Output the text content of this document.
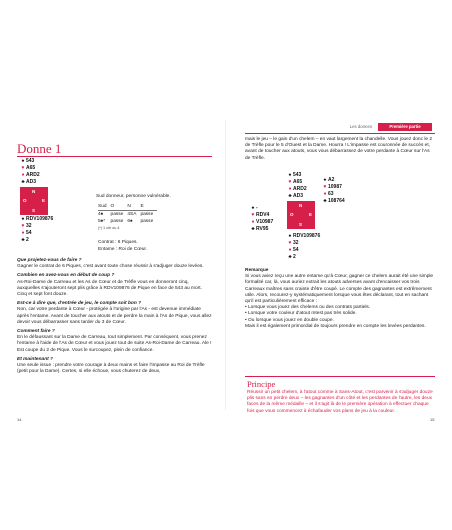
Les donnes	Première partie
Donne 1
♠ 543
♥ A65
♦ ARD2
♣AD3
N
O	E
S
♠ RDV109876
♥ 32
♦ 54
♣2
Sud donneur, personne vulnérable.
Sud	O	N	E
4♠	passe	4SA	passe
5♠*	passe	6♠	passe
(*) 1 clé ou 4
Contrat : 6 Piques.
Entame : Roi de Cœur.
Que projetez-vous de faire ?
Gagner le contrat de 6 Piques, c'est avant toute chose réussir à s'adjuger douze levées.
Combien en avez-vous en début de coup ?
As-Roi-Dame de Carreau et les As de Cœur et de Trèfle vous en donneront cinq, auxquelles s'ajouteront sept plis grâce à RDV109876 de Pique en face de 543 au mort. Cinq et sept font douze.
Est-ce à dire que, d'entrée de jeu, le compte soit bon ?
Non, car votre perdante à Cœur - protégée à l'origine par l'As - est devenue immédiate après l'entame. Avant de toucher aux atouts et de perdre la main à l'As de Pique, vous allez devoir vous débarrasser sans tarder du 3 de Cœur.
Comment faire ?
En le défaussant sur la Dame de Carreau, tout simplement. Par conséquent, vous prenez l'entame à l'aide de l'As de Cœur et vous jouez tout de suite As-Roi-Dame de Carreau. Ale ! Est coupe du 2 de Pique. Vous le surcoupez, plein de confiance.
Et maintenant ?
Une seule issue : prendre votre courage à deux mains et faire l'impasse au Roi de Trèfle (petit pour la Dame). Certes, si elle échoue, vous chuterez de deux,
14
mais le jeu – le gain d'un chelem – en vaut largement la chandelle. Vous jouez donc le 2 de Trèfle pour le 5 d'Ouest et la Dame. Hourra ! L'impasse est couronnée de succès et, avant de toucher aux atouts, vous vous débarrassez de votre perdante à Cœur sur l'As de Trèfle.
♠ 543
♥ A65
♦ ARD2
♣AD3
♠ -
♥ RDV4
♦ V10987
♣RV95
N
O	E
S
♠ A2
♥ 10987
♦ 63
♣108764
♠ RDV109876
♥ 32
♦ 54
♣2
Remarque
Si vous aviez reçu une autre entame qu'à Cœur, gagner ce chelem aurait été une simple formalité car, là, vous auriez extrait les atouts adverses avant d'encaisser vos trois Carreaux maîtres sans crainte d'être coupé. Le compte des gagnantes est extrêmement utile. Alors, recourez-y systématiquement lorsque vous êtes déclarant, tout en sachant qu'il est particulièrement efficace :
• Lorsque vous jouez des chelems ou des contrats partiels.
• Lorsque votre couleur d'atout mtest pas très solide.
• Ou lorsque vous jouez en double coupe.
Mais il est également primordial de toujours prendre en compte les levées perdantes.
Principe
Réussir un petit chelem, à l'atout comme à Sans-Atout, c'est parvenir à s'adjuger douze plis sans en perdre deux – les gagnantes d'un côté et les perdantes de l'autre, les deux faces de la même médaille – et il s'agit là de le première opération à effectuer chaque fois que vous commencez à échafauder vos plans de jeu à la couleur.
15
